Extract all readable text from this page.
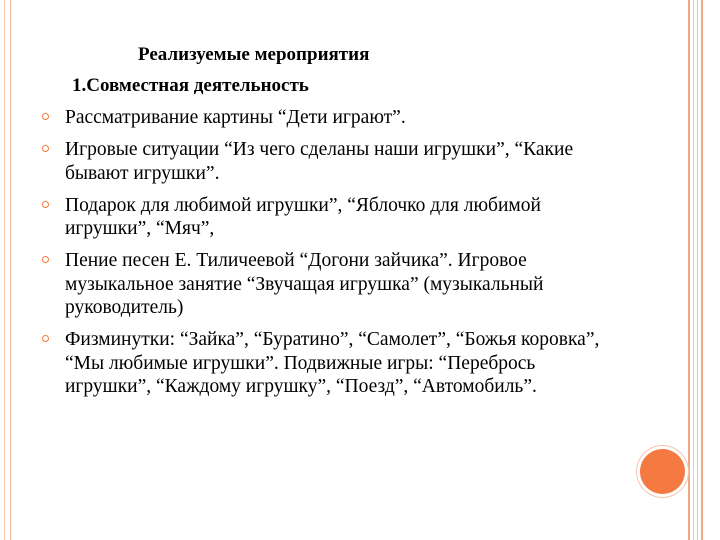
Реализуемые мероприятия
1.Совместная деятельность
Рассматривание картины “Дети играют”.
Игровые ситуации “Из чего сделаны наши игрушки”, “Какие бывают игрушки”.
Подарок для любимой игрушки”, “Яблочко для любимой игрушки”, “Мяч”,
Пение песен Е. Тиличеевой “Догони зайчика”. Игровое музыкальное занятие “Звучащая игрушка” (музыкальный руководитель)
Физминутки: “Зайка”, “Буратино”, “Самолет”, “Божья коровка”, “Мы любимые игрушки”. Подвижные игры: “Переброcь игрушки”, “Каждому игрушку”, “Поезд”, “Автомобиль”.
